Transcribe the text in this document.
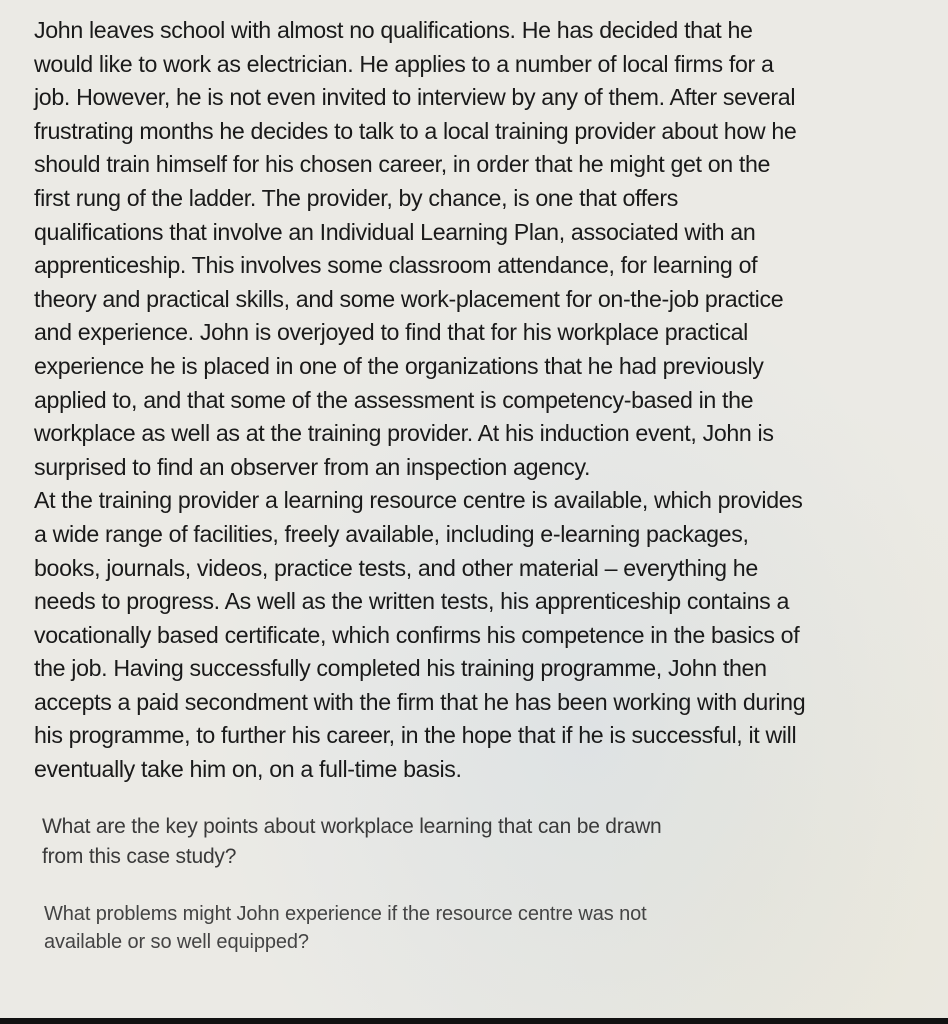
John leaves school with almost no qualifications. He has decided that he
would like to work as electrician. He applies to a number of local firms for a
job. However, he is not even invited to interview by any of them. After several
frustrating months he decides to talk to a local training provider about how he
should train himself for his chosen career, in order that he might get on the
first rung of the ladder. The provider, by chance, is one that offers
qualifications that involve an Individual Learning Plan, associated with an
apprenticeship. This involves some classroom attendance, for learning of
theory and practical skills, and some work-placement for on-the-job practice
and experience. John is overjoyed to find that for his workplace practical
experience he is placed in one of the organizations that he had previously
applied to, and that some of the assessment is competency-based in the
workplace as well as at the training provider. At his induction event, John is
surprised to find an observer from an inspection agency.
At the training provider a learning resource centre is available, which provides
a wide range of facilities, freely available, including e-learning packages,
books, journals, videos, practice tests, and other material – everything he
needs to progress. As well as the written tests, his apprenticeship contains a
vocationally based certificate, which confirms his competence in the basics of
the job. Having successfully completed his training programme, John then
accepts a paid secondment with the firm that he has been working with during
his programme, to further his career, in the hope that if he is successful, it will
eventually take him on, on a full-time basis.
What are the key points about workplace learning that can be drawn
from this case study?
What problems might John experience if the resource centre was not
available or so well equipped?
